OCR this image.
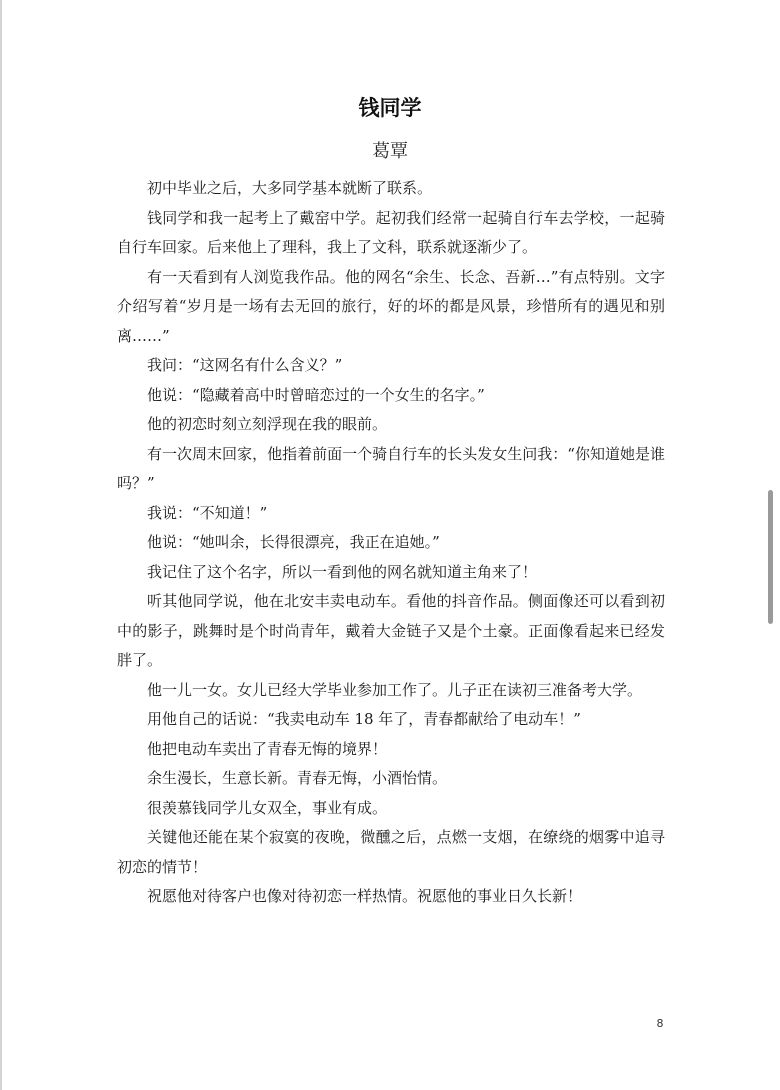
钱同学

葛覃

初中毕业之后，大多同学基本就断了联系。

钱同学和我一起考上了戴窑中学。起初我们经常一起骑自行车去学校，一起骑自行车回家。后来他上了理科，我上了文科，联系就逐渐少了。

有一天看到有人浏览我作品。他的网名“余生、长念、吾新…”有点特别。文字介绍写着“岁月是一场有去无回的旅行，好的坏的都是风景，珍惜所有的遇见和别离……”

我问：“这网名有什么含义？”

他说：“隐藏着高中时曾暗恋过的一个女生的名字。”

他的初恋时刻立刻浮现在我的眼前。

有一次周末回家，他指着前面一个骑自行车的长头发女生问我：“你知道她是谁吗？”

我说：“不知道！”

他说：“她叫余，长得很漂亮，我正在追她。”

我记住了这个名字，所以一看到他的网名就知道主角来了！

听其他同学说，他在北安丰卖电动车。看他的抖音作品。侧面像还可以看到初中的影子，跳舞时是个时尚青年，戴着大金链子又是个土豪。正面像看起来已经发胖了。

他一儿一女。女儿已经大学毕业参加工作了。儿子正在读初三准备考大学。

用他自己的话说：“我卖电动车 18 年了，青春都献给了电动车！”

他把电动车卖出了青春无悔的境界！

余生漫长，生意长新。青春无悔，小酒怡情。

很羡慕钱同学儿女双全，事业有成。

关键他还能在某个寂寞的夜晚，微醺之后，点燃一支烟，在缭绕的烟雾中追寻初恋的情节！

祝愿他对待客户也像对待初恋一样热情。祝愿他的事业日久长新！

8
